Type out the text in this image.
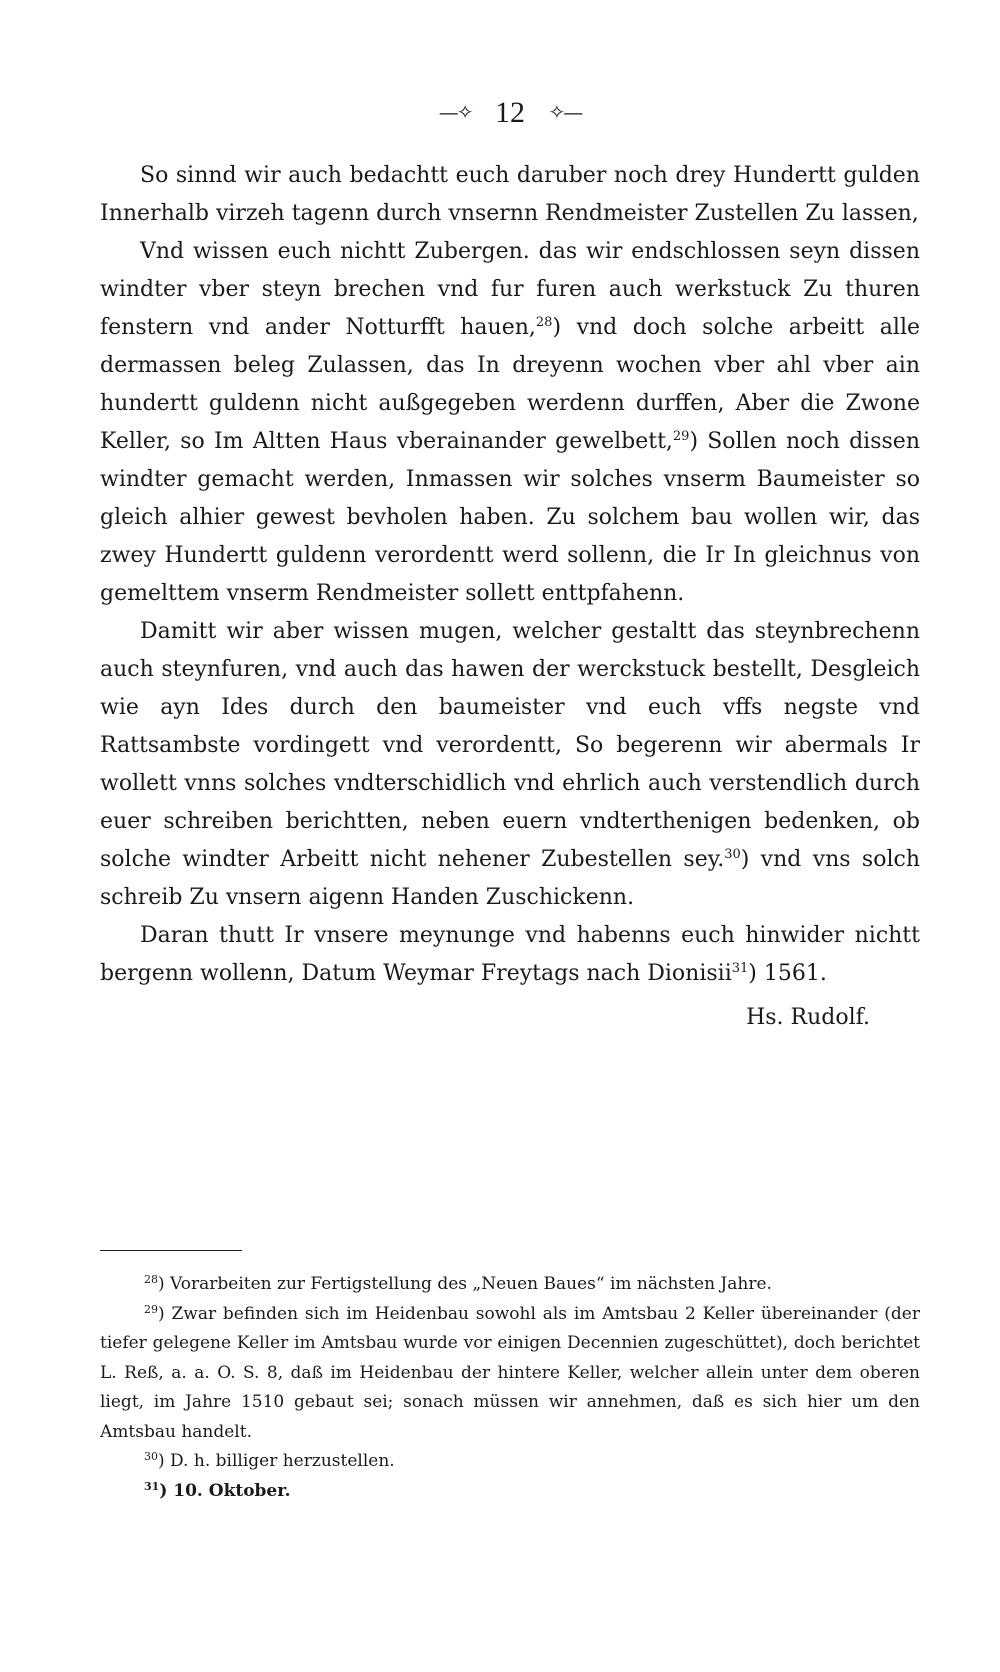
—✧ 12 ✧—

So sinnd wir auch bedachtt euch daruber noch drey Hundertt gulden Innerhalb virzeh tagenn durch vnsernn Rendmeister Zustellen Zu lassen,

Vnd wissen euch nichtt Zubergen. das wir endschlossen seyn dissen windter vber steyn brechen vnd fur furen auch werkstuck Zu thuren fenstern vnd ander Notturfft hauen,$^{28}$) vnd doch solche arbeitt alle dermassen beleg Zulassen, das In dreyenn wochen vber ahl vber ain hundertt guldenn nicht außgegeben werdenn durffen, Aber die Zwone Keller, so Im Altten Haus vberainander gewelbett,$^{29}$) Sollen noch dissen windter gemacht werden, Inmassen wir solches vnserm Baumeister so gleich alhier gewest bevholen haben. Zu solchem bau wollen wir, das zwey Hundertt guldenn verordentt werd sollenn, die Ir In gleichnus von gemelttem vnserm Rendmeister sollett enttpfahenn.

Damitt wir aber wissen mugen, welcher gestaltt das steynbrechenn auch steynfuren, vnd auch das hawen der werckstuck bestellt, Desgleich wie ayn Ides durch den baumeister vnd euch vffs negste vnd Rattsambste vordingett vnd verordentt, So begerenn wir abermals Ir wollett vnns solches vndterschidlich vnd ehrlich auch verstendlich durch euer schreiben berichtten, neben euern vndterthenigen bedenken, ob solche windter Arbeitt nicht nehener Zubestellen sey.$^{30}$) vnd vns solch schreib Zu vnsern aigenn Handen Zuschickenn.

Daran thutt Ir vnsere meynunge vnd habenns euch hinwider nichtt bergenn wollenn, Datum Weymar Freytags nach Dionisii$^{31}$) 1561.

Hs. Rudolf.

$^{28}$) Vorarbeiten zur Fertigstellung des „Neuen Baues“ im nächsten Jahre.

$^{29}$) Zwar befinden sich im Heidenbau sowohl als im Amtsbau 2 Keller übereinander (der tiefer gelegene Keller im Amtsbau wurde vor einigen Decennien zugeschüttet), doch berichtet L. Reß, a. a. O. S. 8, daß im Heidenbau der hintere Keller, welcher allein unter dem oberen liegt, im Jahre 1510 gebaut sei; sonach müssen wir annehmen, daß es sich hier um den Amtsbau handelt.

$^{30}$) D. h. billiger herzustellen.

$^{31}$) 10. Oktober.
